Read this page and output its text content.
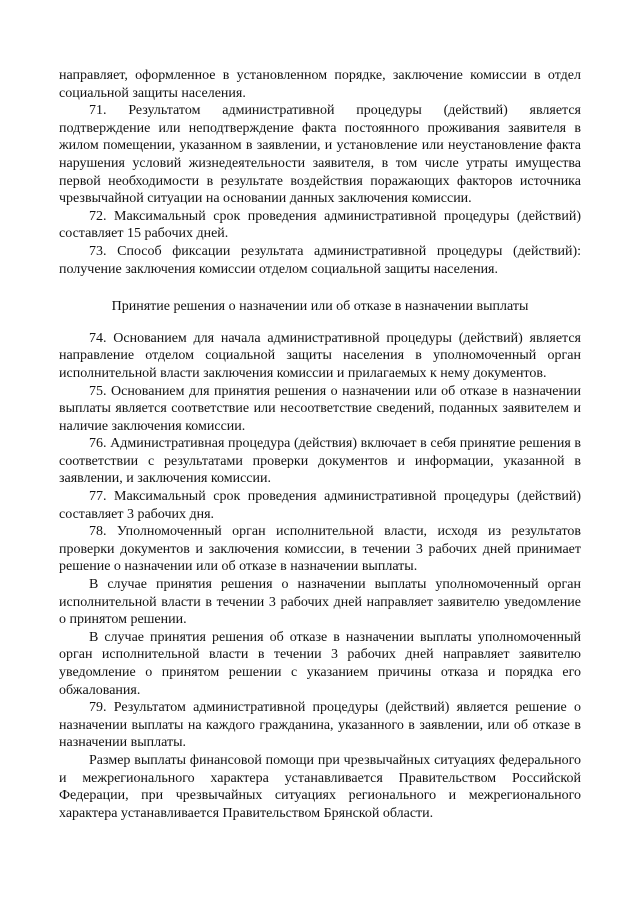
направляет, оформленное в установленном порядке, заключение комиссии в отдел социальной защиты населения.

71. Результатом административной процедуры (действий) является подтверждение или неподтверждение факта постоянного проживания заявителя в жилом помещении, указанном в заявлении, и установление или неустановление факта нарушения условий жизнедеятельности заявителя, в том числе утраты имущества первой необходимости в результате воздействия поражающих факторов источника чрезвычайной ситуации на основании данных заключения комиссии.

72. Максимальный срок проведения административной процедуры (действий) составляет 15 рабочих дней.

73. Способ фиксации результата административной процедуры (действий): получение заключения комиссии отделом социальной защиты населения.

Принятие решения о назначении или об отказе в назначении выплаты

74. Основанием для начала административной процедуры (действий) является направление отделом социальной защиты населения в уполномоченный орган исполнительной власти заключения комиссии и прилагаемых к нему документов.

75. Основанием для принятия решения о назначении или об отказе в назначении выплаты является соответствие или несоответствие сведений, поданных заявителем и наличие заключения комиссии.

76. Административная процедура (действия) включает в себя принятие решения в соответствии с результатами проверки документов и информации, указанной в заявлении, и заключения комиссии.

77. Максимальный срок проведения административной процедуры (действий) составляет 3 рабочих дня.

78. Уполномоченный орган исполнительной власти, исходя из результатов проверки документов и заключения комиссии, в течении 3 рабочих дней принимает решение о назначении или об отказе в назначении выплаты.

В случае принятия решения о назначении выплаты уполномоченный орган исполнительной власти в течении 3 рабочих дней направляет заявителю уведомление о принятом решении.

В случае принятия решения об отказе в назначении выплаты уполномоченный орган исполнительной власти в течении 3 рабочих дней направляет заявителю уведомление о принятом решении с указанием причины отказа и порядка его обжалования.

79. Результатом административной процедуры (действий) является решение о назначении выплаты на каждого гражданина, указанного в заявлении, или об отказе в назначении выплаты.

Размер выплаты финансовой помощи при чрезвычайных ситуациях федерального и межрегионального характера устанавливается Правительством Российской Федерации, при чрезвычайных ситуациях регионального и межрегионального характера устанавливается Правительством Брянской области.
